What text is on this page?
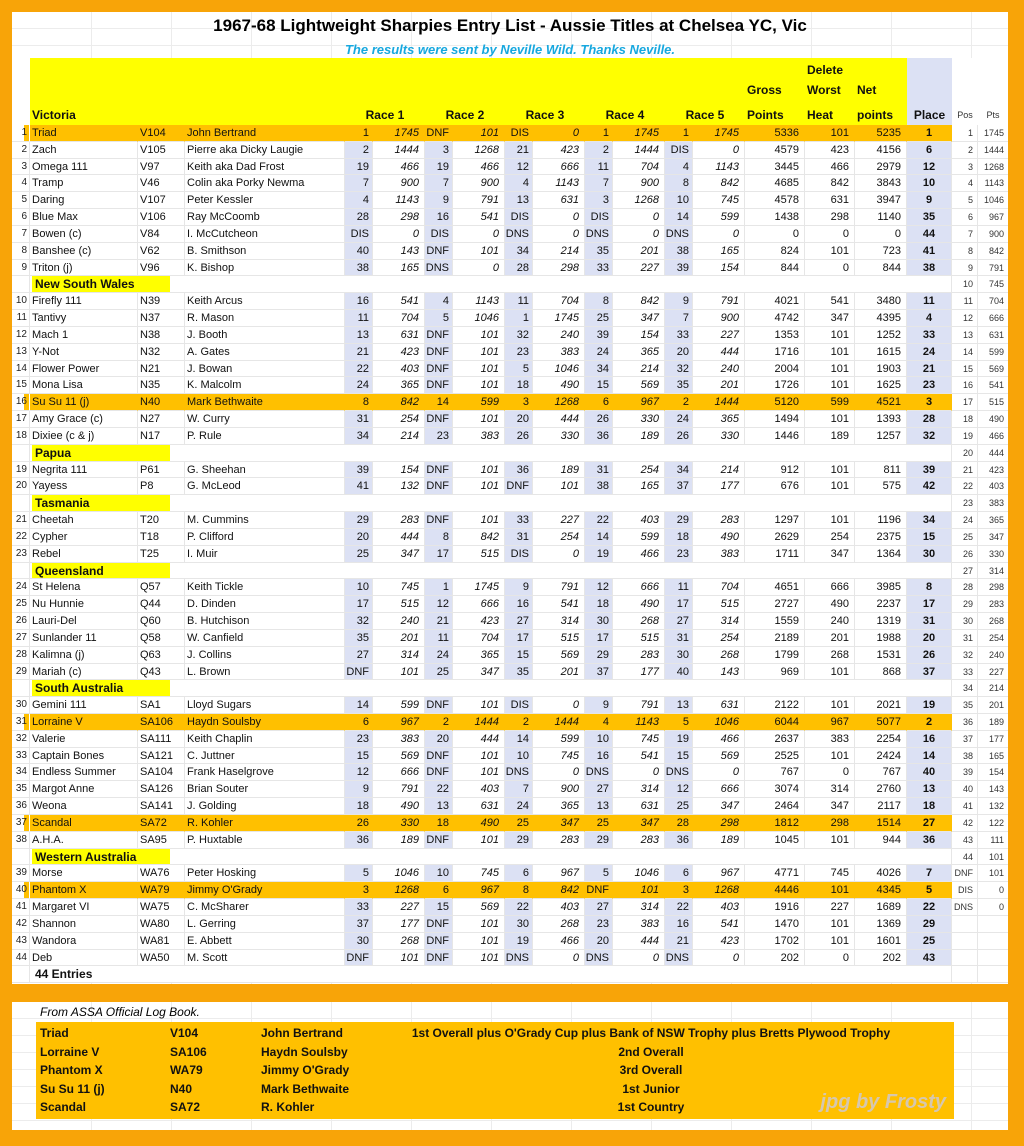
1967-68 Lightweight Sharpies Entry List - Aussie Titles at Chelsea YC, Vic
The results were sent by Neville Wild. Thanks Neville.
Delete
Gross	Worst	Net
Victoria	Race 1	Race 2	Race 3	Race 4	Race 5	Points	Heat	points	Place	Pos	Pts
1 Triad	V104	John Bertrand	1	1745 DNF	101	DIS	0	1	1745	1	1745	5336	101	5235	1	1	1745
2 Zach	V105	Pierre aka Dicky Laugie	2	1444	3	1268	21	423	2	1444	DIS	0	4579	423	4156	6	2	1444
3 Omega 111	V97	Keith aka Dad Frost	19	466	19	466	12	666	11	704	4	1143	3445	466	2979	12	3	1268
4 Tramp	V46	Colin aka Porky Newma	7	900	7	900	4	1143	7	900	8	842	4685	842	3843	10	4	1143
5 Daring	V107	Peter Kessler	4	1143	9	791	13	631	3	1268	10	745	4578	631	3947	9	5	1046
6 Blue Max	V106	Ray McCoomb	28	298	16	541	DIS	0	DIS	0	14	599	1438	298	1140	35	6	967
7 Bowen (c)	V84	I. McCutcheon	DIS	0	DIS	0 DNS	0 DNS	0 DNS	0	0	0	0	44	7	900
8 Banshee (c)	V62	B. Smithson	40	143 DNF	101	34	214	35	201	38	165	824	101	723	41	8	842
9 Triton (j)	V96	K. Bishop	38	165 DNS	0	28	298	33	227	39	154	844	0	844	38	9	791
New South Wales	10	745
10 Firefly 111	N39	Keith Arcus	16	541	4	1143	11	704	8	842	9	791	4021	541	3480	11	11	704
11 Tantivy	N37	R. Mason	11	704	5	1046	1	1745	25	347	7	900	4742	347	4395	4	12	666
12 Mach 1	N38	J. Booth	13	631 DNF	101	32	240	39	154	33	227	1353	101	1252	33	13	631
13 Y-Not	N32	A. Gates	21	423 DNF	101	23	383	24	365	20	444	1716	101	1615	24	14	599
14 Flower Power	N21	J. Bowan	22	403 DNF	101	5	1046	34	214	32	240	2004	101	1903	21	15	569
15 Mona Lisa	N35	K. Malcolm	24	365 DNF	101	18	490	15	569	35	201	1726	101	1625	23	16	541
16 Su Su 11 (j)	N40	Mark Bethwaite	8	842	14	599	3	1268	6	967	2	1444	5120	599	4521	3	17	515
17 Amy Grace (c)	N27	W. Curry	31	254 DNF	101	20	444	26	330	24	365	1494	101	1393	28	18	490
18 Dixiee (c & j)	N17	P. Rule	34	214	23	383	26	330	36	189	26	330	1446	189	1257	32	19	466
Papua	20	444
19 Negrita 111	P61	G. Sheehan	39	154 DNF	101	36	189	31	254	34	214	912	101	811	39	21	423
20 Yayess	P8	G. McLeod	41	132 DNF	101 DNF	101	38	165	37	177	676	101	575	42	22	403
Tasmania	23	383
21 Cheetah	T20	M. Cummins	29	283 DNF	101	33	227	22	403	29	283	1297	101	1196	34	24	365
22 Cypher	T18	P. Clifford	20	444	8	842	31	254	14	599	18	490	2629	254	2375	15	25	347
23 Rebel	T25	I. Muir	25	347	17	515	DIS	0	19	466	23	383	1711	347	1364	30	26	330
Queensland	27	314
24 St Helena	Q57	Keith Tickle	10	745	1	1745	9	791	12	666	11	704	4651	666	3985	8	28	298
25 Nu Hunnie	Q44	D. Dinden	17	515	12	666	16	541	18	490	17	515	2727	490	2237	17	29	283
26 Lauri-Del	Q60	B. Hutchison	32	240	21	423	27	314	30	268	27	314	1559	240	1319	31	30	268
27 Sunlander 11	Q58	W. Canfield	35	201	11	704	17	515	17	515	31	254	2189	201	1988	20	31	254
28 Kalimna (j)	Q63	J. Collins	27	314	24	365	15	569	29	283	30	268	1799	268	1531	26	32	240
29 Mariah (c)	Q43	L. Brown	DNF	101	25	347	35	201	37	177	40	143	969	101	868	37	33	227
South Australia	34	214
30 Gemini 111	SA1	Lloyd Sugars	14	599 DNF	101	DIS	0	9	791	13	631	2122	101	2021	19	35	201
31 Lorraine V	SA106	Haydn Soulsby	6	967	2	1444	2	1444	4	1143	5	1046	6044	967	5077	2	36	189
32 Valerie	SA111	Keith Chaplin	23	383	20	444	14	599	10	745	19	466	2637	383	2254	16	37	177
33 Captain Bones	SA121	C. Juttner	15	569 DNF	101	10	745	16	541	15	569	2525	101	2424	14	38	165
34 Endless Summer	SA104	Frank Haselgrove	12	666 DNF	101 DNS	0 DNS	0 DNS	0	767	0	767	40	39	154
35 Margot Anne	SA126	Brian Souter	9	791	22	403	7	900	27	314	12	666	3074	314	2760	13	40	143
36 Weona	SA141	J. Golding	18	490	13	631	24	365	13	631	25	347	2464	347	2117	18	41	132
37 Scandal	SA72	R. Kohler	26	330	18	490	25	347	25	347	28	298	1812	298	1514	27	42	122
38 A.H.A.	SA95	P. Huxtable	36	189 DNF	101	29	283	29	283	36	189	1045	101	944	36	43	111
Western Australia	44	101
39 Morse	WA76	Peter Hosking	5	1046	10	745	6	967	5	1046	6	967	4771	745	4026	7	DNF	101
40 Phantom X	WA79	Jimmy O'Grady	3	1268	6	967	8	842 DNF	101	3	1268	4446	101	4345	5	DIS	0
41 Margaret VI	WA75	C. McSharer	33	227	15	569	22	403	27	314	22	403	1916	227	1689	22	DNS	0
42 Shannon	WA80	L. Gerring	37	177 DNF	101	30	268	23	383	16	541	1470	101	1369	29
43 Wandora	WA81	E. Abbett	30	268 DNF	101	19	466	20	444	21	423	1702	101	1601	25
44 Deb	WA50	M. Scott	DNF	101 DNF	101 DNS	0 DNS	0 DNS	0	202	0	202	43
44 Entries
From ASSA Official Log Book.
Triad	V104	John Bertrand	1st Overall plus O'Grady Cup plus Bank of NSW Trophy plus Bretts Plywood Trophy
Lorraine V	SA106	Haydn Soulsby	2nd Overall
Phantom X	WA79	Jimmy O'Grady	3rd Overall
Su Su 11 (j)	N40	Mark Bethwaite	1st Junior
Scandal	SA72	R. Kohler	1st Country	jpg by Frosty
